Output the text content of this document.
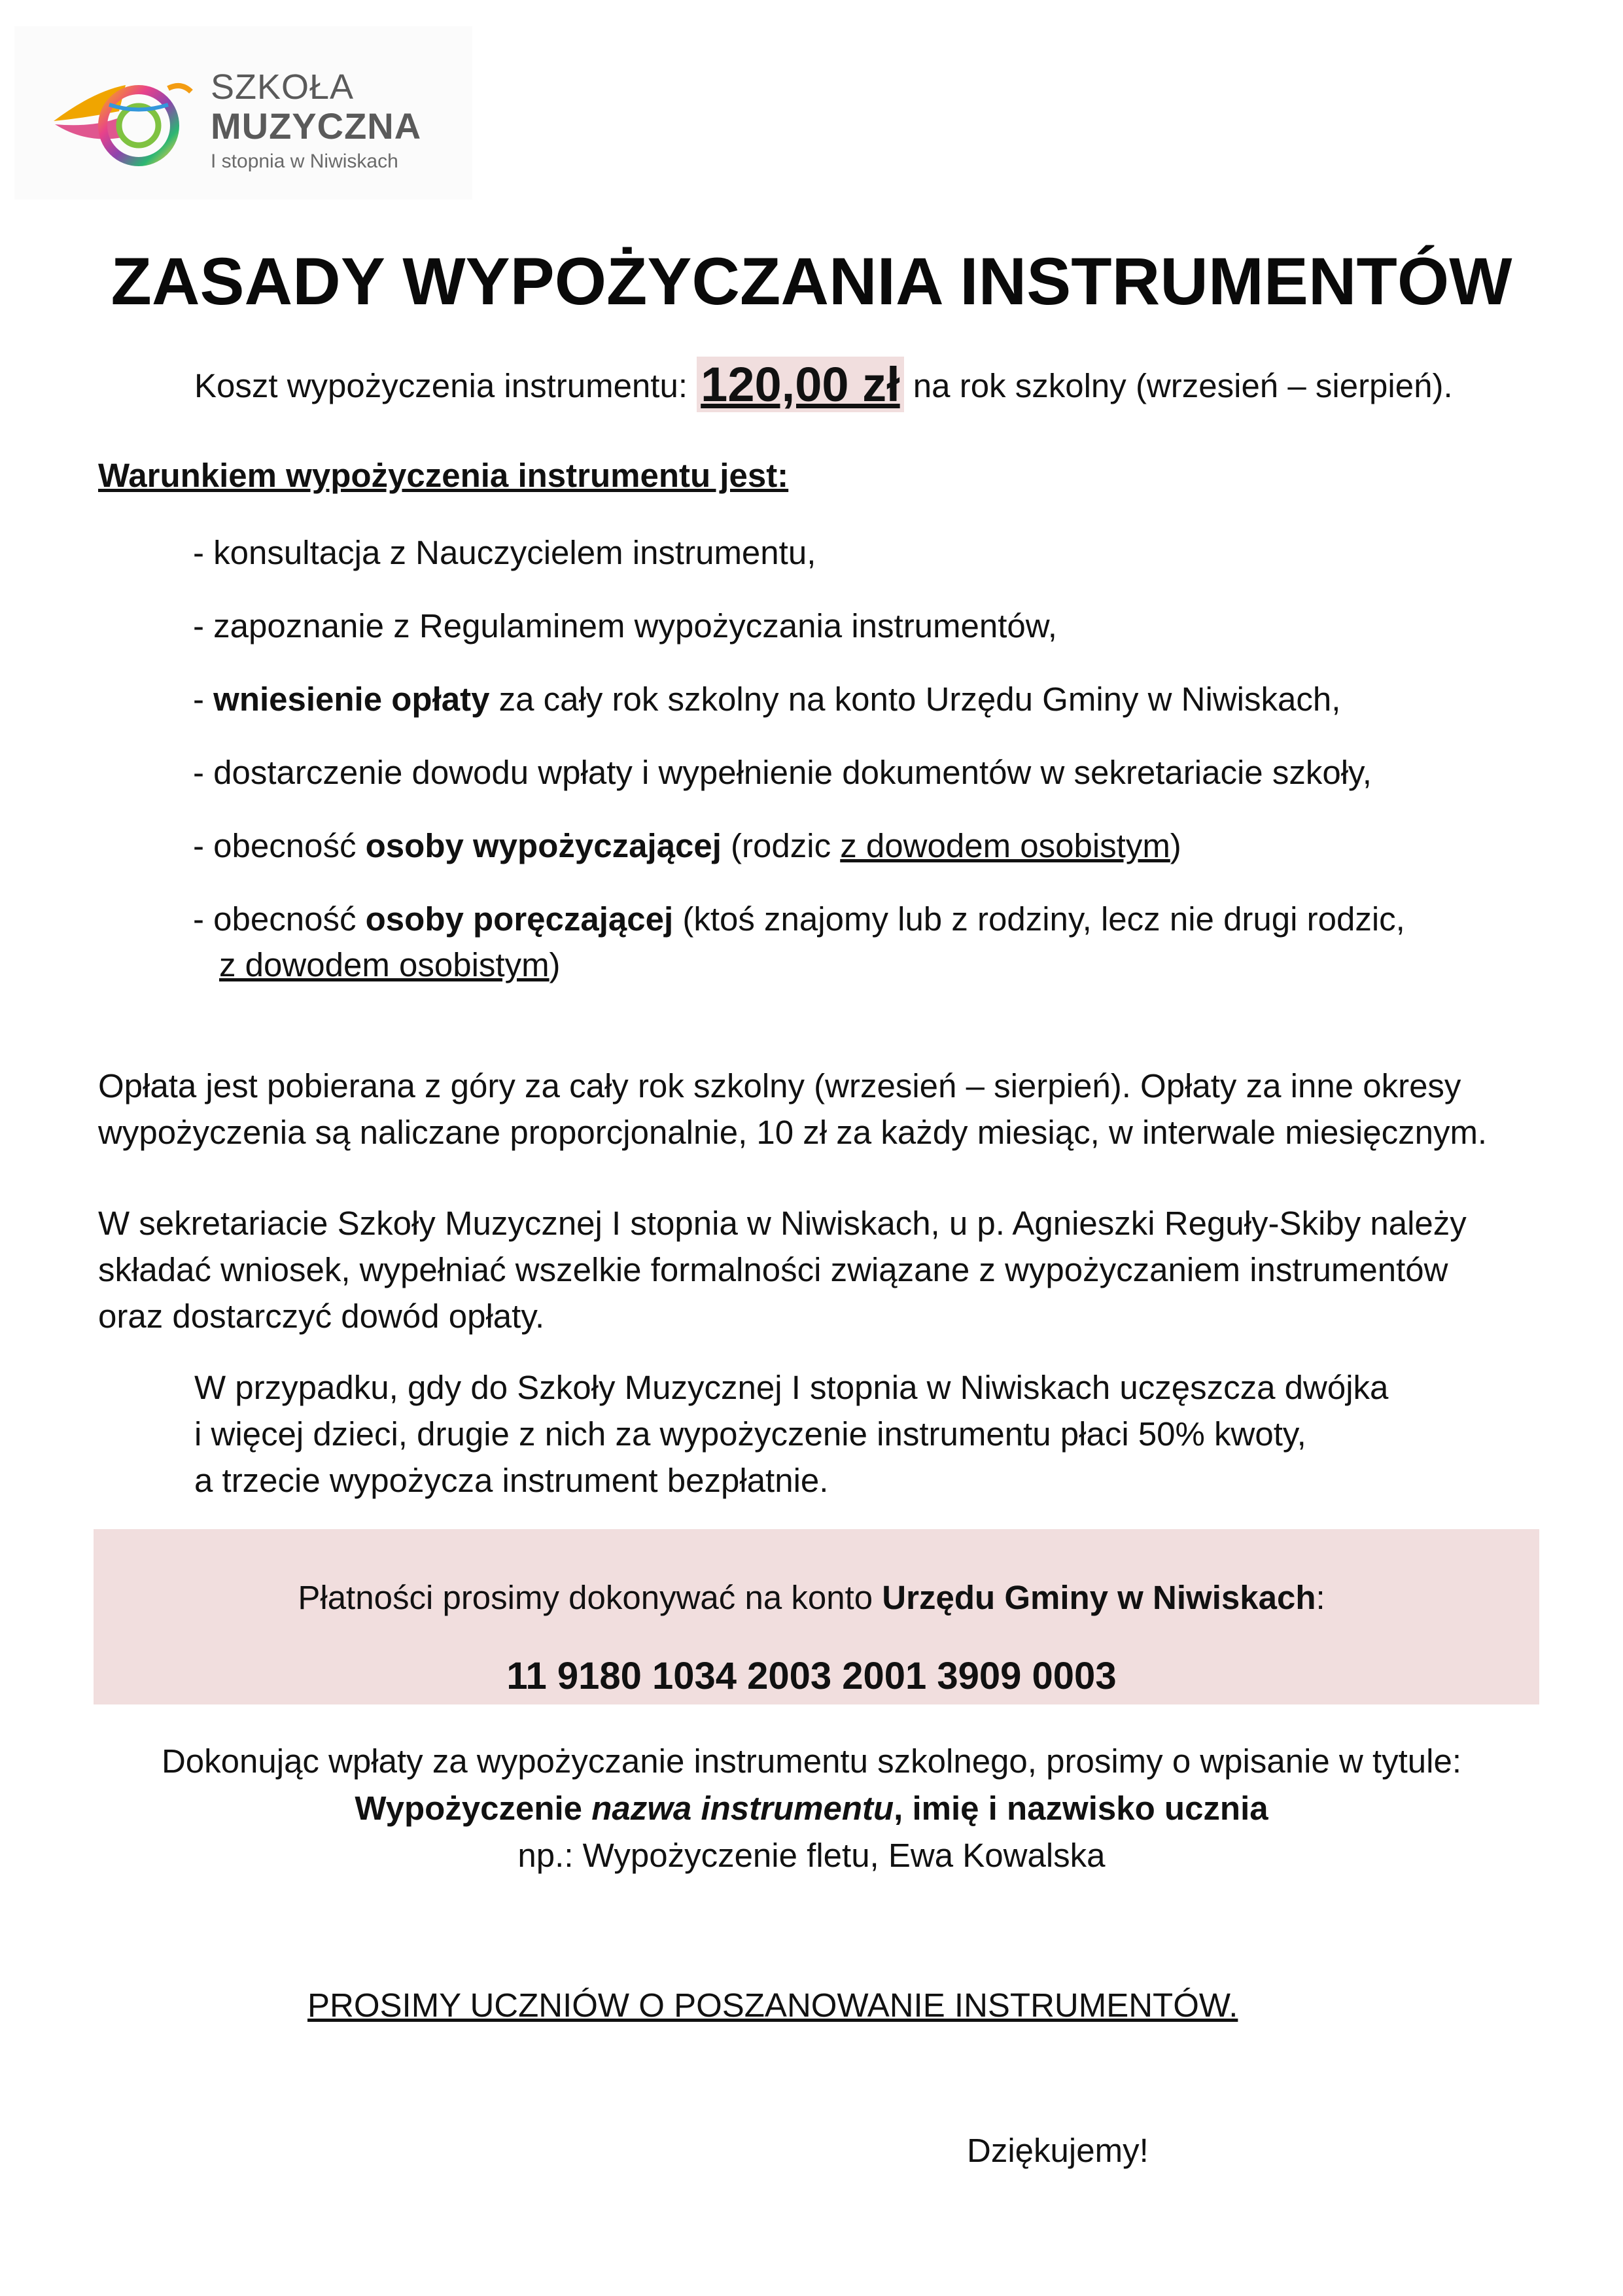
SZKOŁA
MUZYCZNA
I stopnia w Niwiskach
ZASADY WYPOŻYCZANIA INSTRUMENTÓW
Koszt wypożyczenia instrumentu: 120,00 zł na rok szkolny (wrzesień – sierpień).
Warunkiem wypożyczenia instrumentu jest:
- konsultacja z Nauczycielem instrumentu,
- zapoznanie z Regulaminem wypożyczania instrumentów,
- wniesienie opłaty za cały rok szkolny na konto Urzędu Gminy w Niwiskach,
- dostarczenie dowodu wpłaty i wypełnienie dokumentów w sekretariacie szkoły,
- obecność osoby wypożyczającej (rodzic z dowodem osobistym)
- obecność osoby poręczającej (ktoś znajomy lub z rodziny, lecz nie drugi rodzic,
z dowodem osobistym)
Opłata jest pobierana z góry za cały rok szkolny (wrzesień – sierpień). Opłaty za inne okresy
wypożyczenia są naliczane proporcjonalnie, 10 zł za każdy miesiąc, w interwale miesięcznym.
W sekretariacie Szkoły Muzycznej I stopnia w Niwiskach, u p. Agnieszki Reguły-Skiby należy
składać wniosek, wypełniać wszelkie formalności związane z wypożyczaniem instrumentów
oraz dostarczyć dowód opłaty.
W przypadku, gdy do Szkoły Muzycznej I stopnia w Niwiskach uczęszcza dwójka
i więcej dzieci, drugie z nich za wypożyczenie instrumentu płaci 50% kwoty,
a trzecie wypożycza instrument bezpłatnie.
Płatności prosimy dokonywać na konto Urzędu Gminy w Niwiskach:
11 9180 1034 2003 2001 3909 0003
Dokonując wpłaty za wypożyczanie instrumentu szkolnego, prosimy o wpisanie w tytule:
Wypożyczenie nazwa instrumentu, imię i nazwisko ucznia
np.: Wypożyczenie fletu, Ewa Kowalska
PROSIMY UCZNIÓW O POSZANOWANIE INSTRUMENTÓW.
Dziękujemy!
